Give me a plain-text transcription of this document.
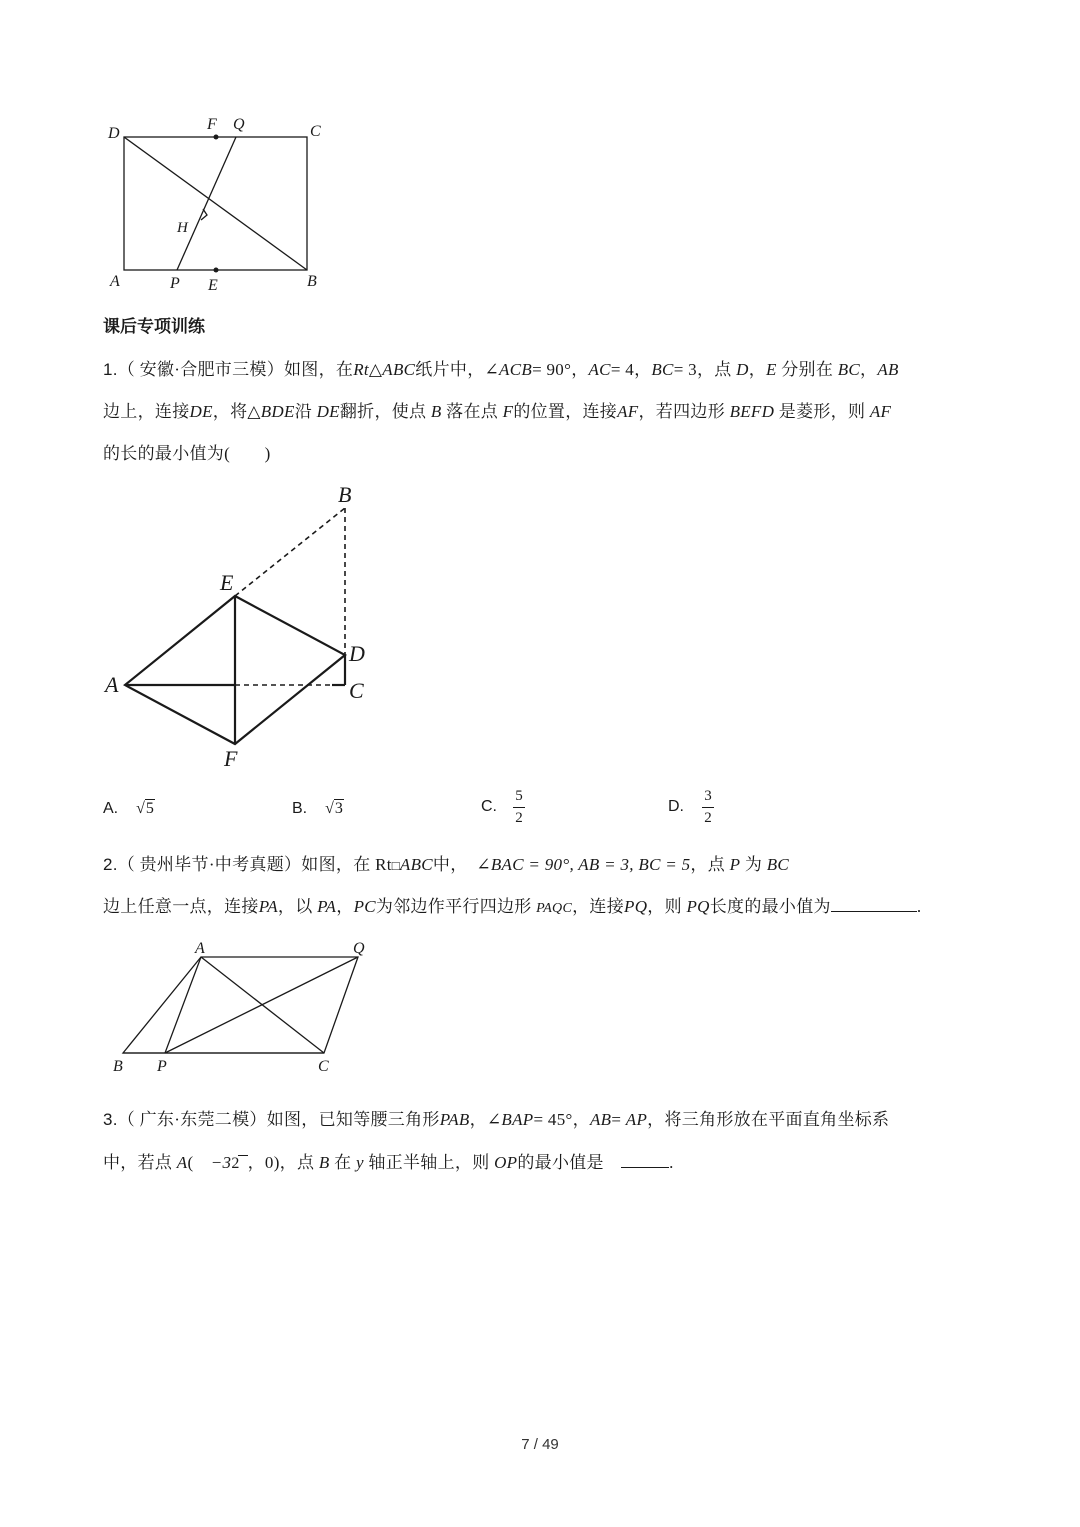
D
F Q	C
H
A	P E	B
课后专项训练
1.（ 安徽·合肥市三模）如图，在Rt△ABC纸片中，∠ACB= 90°，AC= 4，BC= 3，点 D，E 分别在 BC，AB
边上，连接DE，将△BDE沿 DE翻折，使点 B 落在点 F的位置，连接AF，若四边形 BEFD 是菱形，则 AF
的长的最小值为(　　)
B
E
D
A	C
F
A. √5	B. √3	C. $\frac{5}{2}$	D. $\frac{3}{2}$
2.（ 贵州毕节·中考真题）如图，在 Rt□ABC中，　 ∠BAC = 90°, AB = 3, BC = 5，点 P 为 BC
边上任意一点，连接PA，以 PA，PC为邻边作平行四边形 PAQC，连接PQ，则 PQ长度的最小值为	.
A	Q
B P	C
3.（ 广东·东莞二模）如图，已知等腰三角形PAB，∠BAP= 45°，AB= AP，将三角形放在平面直角坐标系
中，若点 A(　 −32 ，0)，点 B 在 y 轴正半轴上，则 OP的最小值是　	.
7 / 49
